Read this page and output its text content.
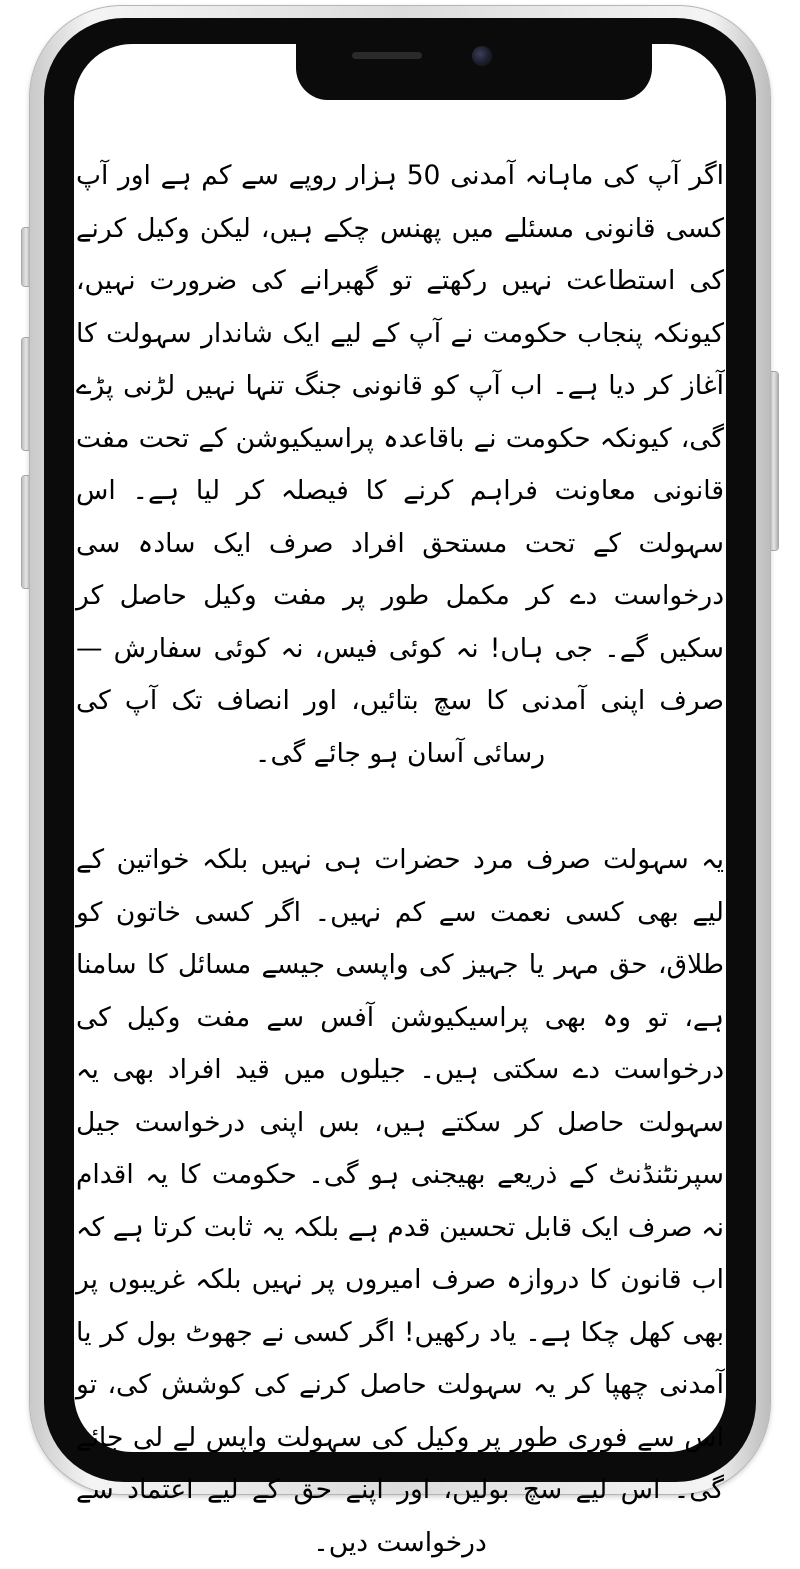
اگر آپ کی ماہانہ آمدنی 50 ہزار روپے سے کم ہے اور آپ کسی قانونی مسئلے میں پھنس چکے ہیں، لیکن وکیل کرنے کی استطاعت نہیں رکھتے تو گھبرانے کی ضرورت نہیں، کیونکہ پنجاب حکومت نے آپ کے لیے ایک شاندار سہولت کا آغاز کر دیا ہے۔ اب آپ کو قانونی جنگ تنہا نہیں لڑنی پڑے گی، کیونکہ حکومت نے باقاعدہ پراسیکیوشن کے تحت مفت قانونی معاونت فراہم کرنے کا فیصلہ کر لیا ہے۔ اس سہولت کے تحت مستحق افراد صرف ایک سادہ سی درخواست دے کر مکمل طور پر مفت وکیل حاصل کر سکیں گے۔ جی ہاں! نہ کوئی فیس، نہ کوئی سفارش — صرف اپنی آمدنی کا سچ بتائیں، اور انصاف تک آپ کی رسائی آسان ہو جائے گی۔

یہ سہولت صرف مرد حضرات ہی نہیں بلکہ خواتین کے لیے بھی کسی نعمت سے کم نہیں۔ اگر کسی خاتون کو طلاق، حق مہر یا جہیز کی واپسی جیسے مسائل کا سامنا ہے، تو وہ بھی پراسیکیوشن آفس سے مفت وکیل کی درخواست دے سکتی ہیں۔ جیلوں میں قید افراد بھی یہ سہولت حاصل کر سکتے ہیں، بس اپنی درخواست جیل سپرنٹنڈنٹ کے ذریعے بھیجنی ہو گی۔ حکومت کا یہ اقدام نہ صرف ایک قابل تحسین قدم ہے بلکہ یہ ثابت کرتا ہے کہ اب قانون کا دروازہ صرف امیروں پر نہیں بلکہ غریبوں پر بھی کھل چکا ہے۔ یاد رکھیں! اگر کسی نے جھوٹ بول کر یا آمدنی چھپا کر یہ سہولت حاصل کرنے کی کوشش کی، تو اس سے فوری طور پر وکیل کی سہولت واپس لے لی جائے گی۔ اس لیے سچ بولیں، اور اپنے حق کے لیے اعتماد سے درخواست دیں۔
